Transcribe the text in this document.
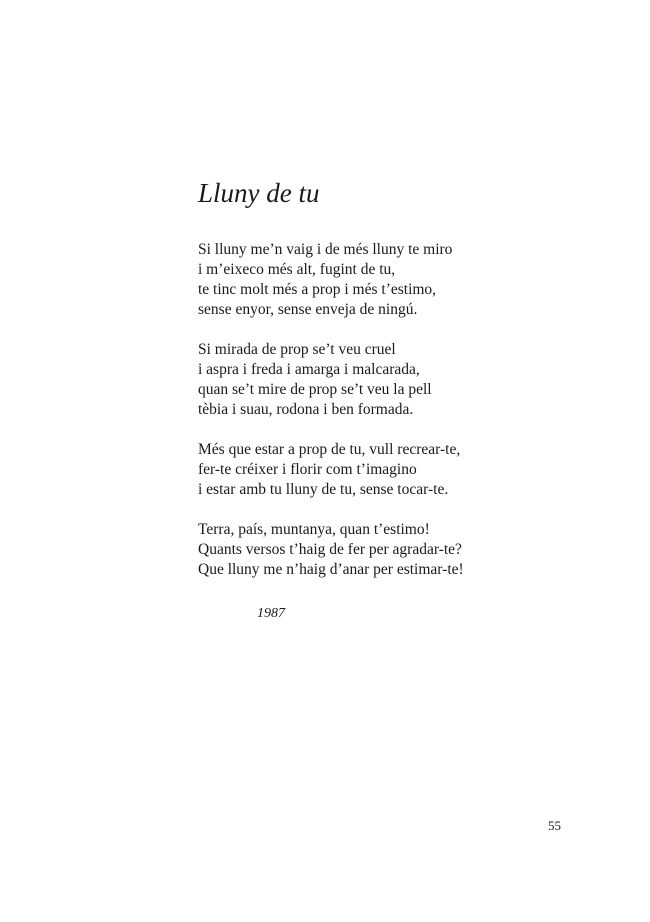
Lluny de tu
Si lluny me’n vaig i de més lluny te miro
i m’eixeco més alt, fugint de tu,
te tinc molt més a prop i més t’estimo,
sense enyor, sense enveja de ningú.
Si mirada de prop se’t veu cruel
i aspra i freda i amarga i malcarada,
quan se’t mire de prop se’t veu la pell
tèbia i suau, rodona i ben formada.
Més que estar a prop de tu, vull recrear-te,
fer-te créixer i florir com t’imagino
i estar amb tu lluny de tu, sense tocar-te.
Terra, país, muntanya, quan t’estimo!
Quants versos t’haig de fer per agradar-te?
Que lluny me n’haig d’anar per estimar-te!
1987
55
